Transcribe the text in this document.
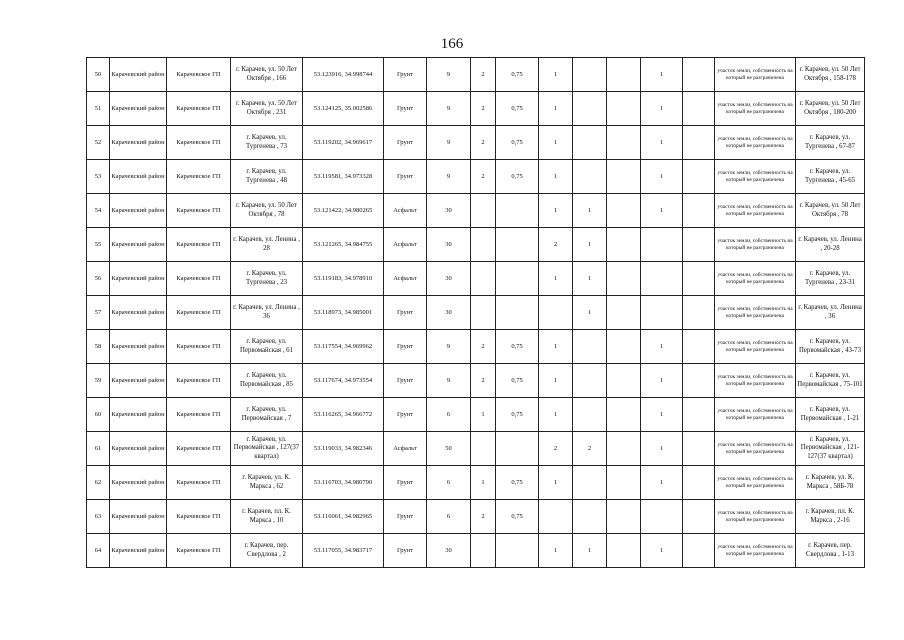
166
50	Карачевский район	Карачевское ГП	г. Карачев, ул. 50 Лет Октября , 166	53.123916, 34.998744	Грунт	9	2	0,75	1			1		участок земли, собственность на который не разграничена	г. Карачев, ул. 50 Лет Октября , 158-178
51	Карачевский район	Карачевское ГП	г. Карачев, ул. 50 Лет Октября , 231	53.124125, 35.002586	Грунт	9	2	0,75	1			1		участок земли, собственность на который не разграничена	г. Карачев, ул. 50 Лет Октября , 180-200
52	Карачевский район	Карачевское ГП	г. Карачев, ул. Тургенева , 73	53.119202, 34.969617	Грунт	9	2	0,75	1			1		участок земли, собственность на который не разграничена	г. Карачев, ул. Тургенева , 67-87
53	Карачевский район	Карачевское ГП	г. Карачев, ул. Тургенева , 48	53.119581, 34.973328	Грунт	9	2	0,75	1			1		участок земли, собственность на который не разграничена	г. Карачев, ул. Тургенева , 45-65
54	Карачевский район	Карачевское ГП	г. Карачев, ул. 50 Лет Октября , 78	53.121422, 34.980265	Асфальт	30			1	1		1		участок земли, собственность на который не разграничена	г. Карачев, ул. 50 Лет Октября , 78
55	Карачевский район	Карачевское ГП	г. Карачев, ул. Ленина , 28	53.121265, 34.984755	Асфальт	30			2	1				участок земли, собственность на который не разграничена	г. Карачев, ул. Ленина , 20-28
56	Карачевский район	Карачевское ГП	г. Карачев, ул. Тургенева , 23	53.119183, 34.978910	Асфальт	30			1	1				участок земли, собственность на который не разграничена	г. Карачев, ул. Тургенева , 23-31
57	Карачевский район	Карачевское ГП	г. Карачев, ул. Ленина , 36	53.118973, 34.985001	Грунт	30				1				участок земли, собственность на который не разграничена	г. Карачев, ул. Ленина , 36
58	Карачевский район	Карачевское ГП	г. Карачев, ул. Первомайская , 61	53.117554, 34.969962	Грунт	9	2	0,75	1			1		участок земли, собственность на который не разграничена	г. Карачев, ул. Первомайская , 43-73
59	Карачевский район	Карачевское ГП	г. Карачев, ул. Первомайская , 85	53.117674, 34.973554	Грунт	9	2	0,75	1			1		участок земли, собственность на который не разграничена	г. Карачев, ул. Первомайская , 75-101
60	Карачевский район	Карачевское ГП	г. Карачев, ул. Первомайская , 7	53.116265, 34.966772	Грунт	6	1	0,75	1			1		участок земли, собственность на который не разграничена	г. Карачев, ул. Первомайская , 1-21
61	Карачевский район	Карачевское ГП	г. Карачев, ул. Первомайская , 127(37 квартал)	53.119033, 34.982346	Асфальт	50			2	2		1		участок земли, собственность на который не разграничена	г. Карачев, ул. Первомайская , 121-127(37 квартал)
62	Карачевский район	Карачевское ГП	г. Карачев, ул. К. Маркса , 62	53.116703, 34.980790	Грунт	6	1	0,75	1			1		участок земли, собственность на который не разграничена	г. Карачев, ул. К. Маркса , 58Б-78
63	Карачевский район	Карачевское ГП	г. Карачев, пл. К. Маркса , 10	53.116061, 34.982965	Грунт	6	2	0,75						участок земли, собственность на который не разграничена	г. Карачев, пл. К. Маркса , 2-16
64	Карачевский район	Карачевское ГП	г. Карачев, пер. Свердлова , 2	53.117055, 34.983717	Грунт	30			1	1		1		участок земли, собственность на который не разграничена	г. Карачев, пер. Свердлова , 1-13
